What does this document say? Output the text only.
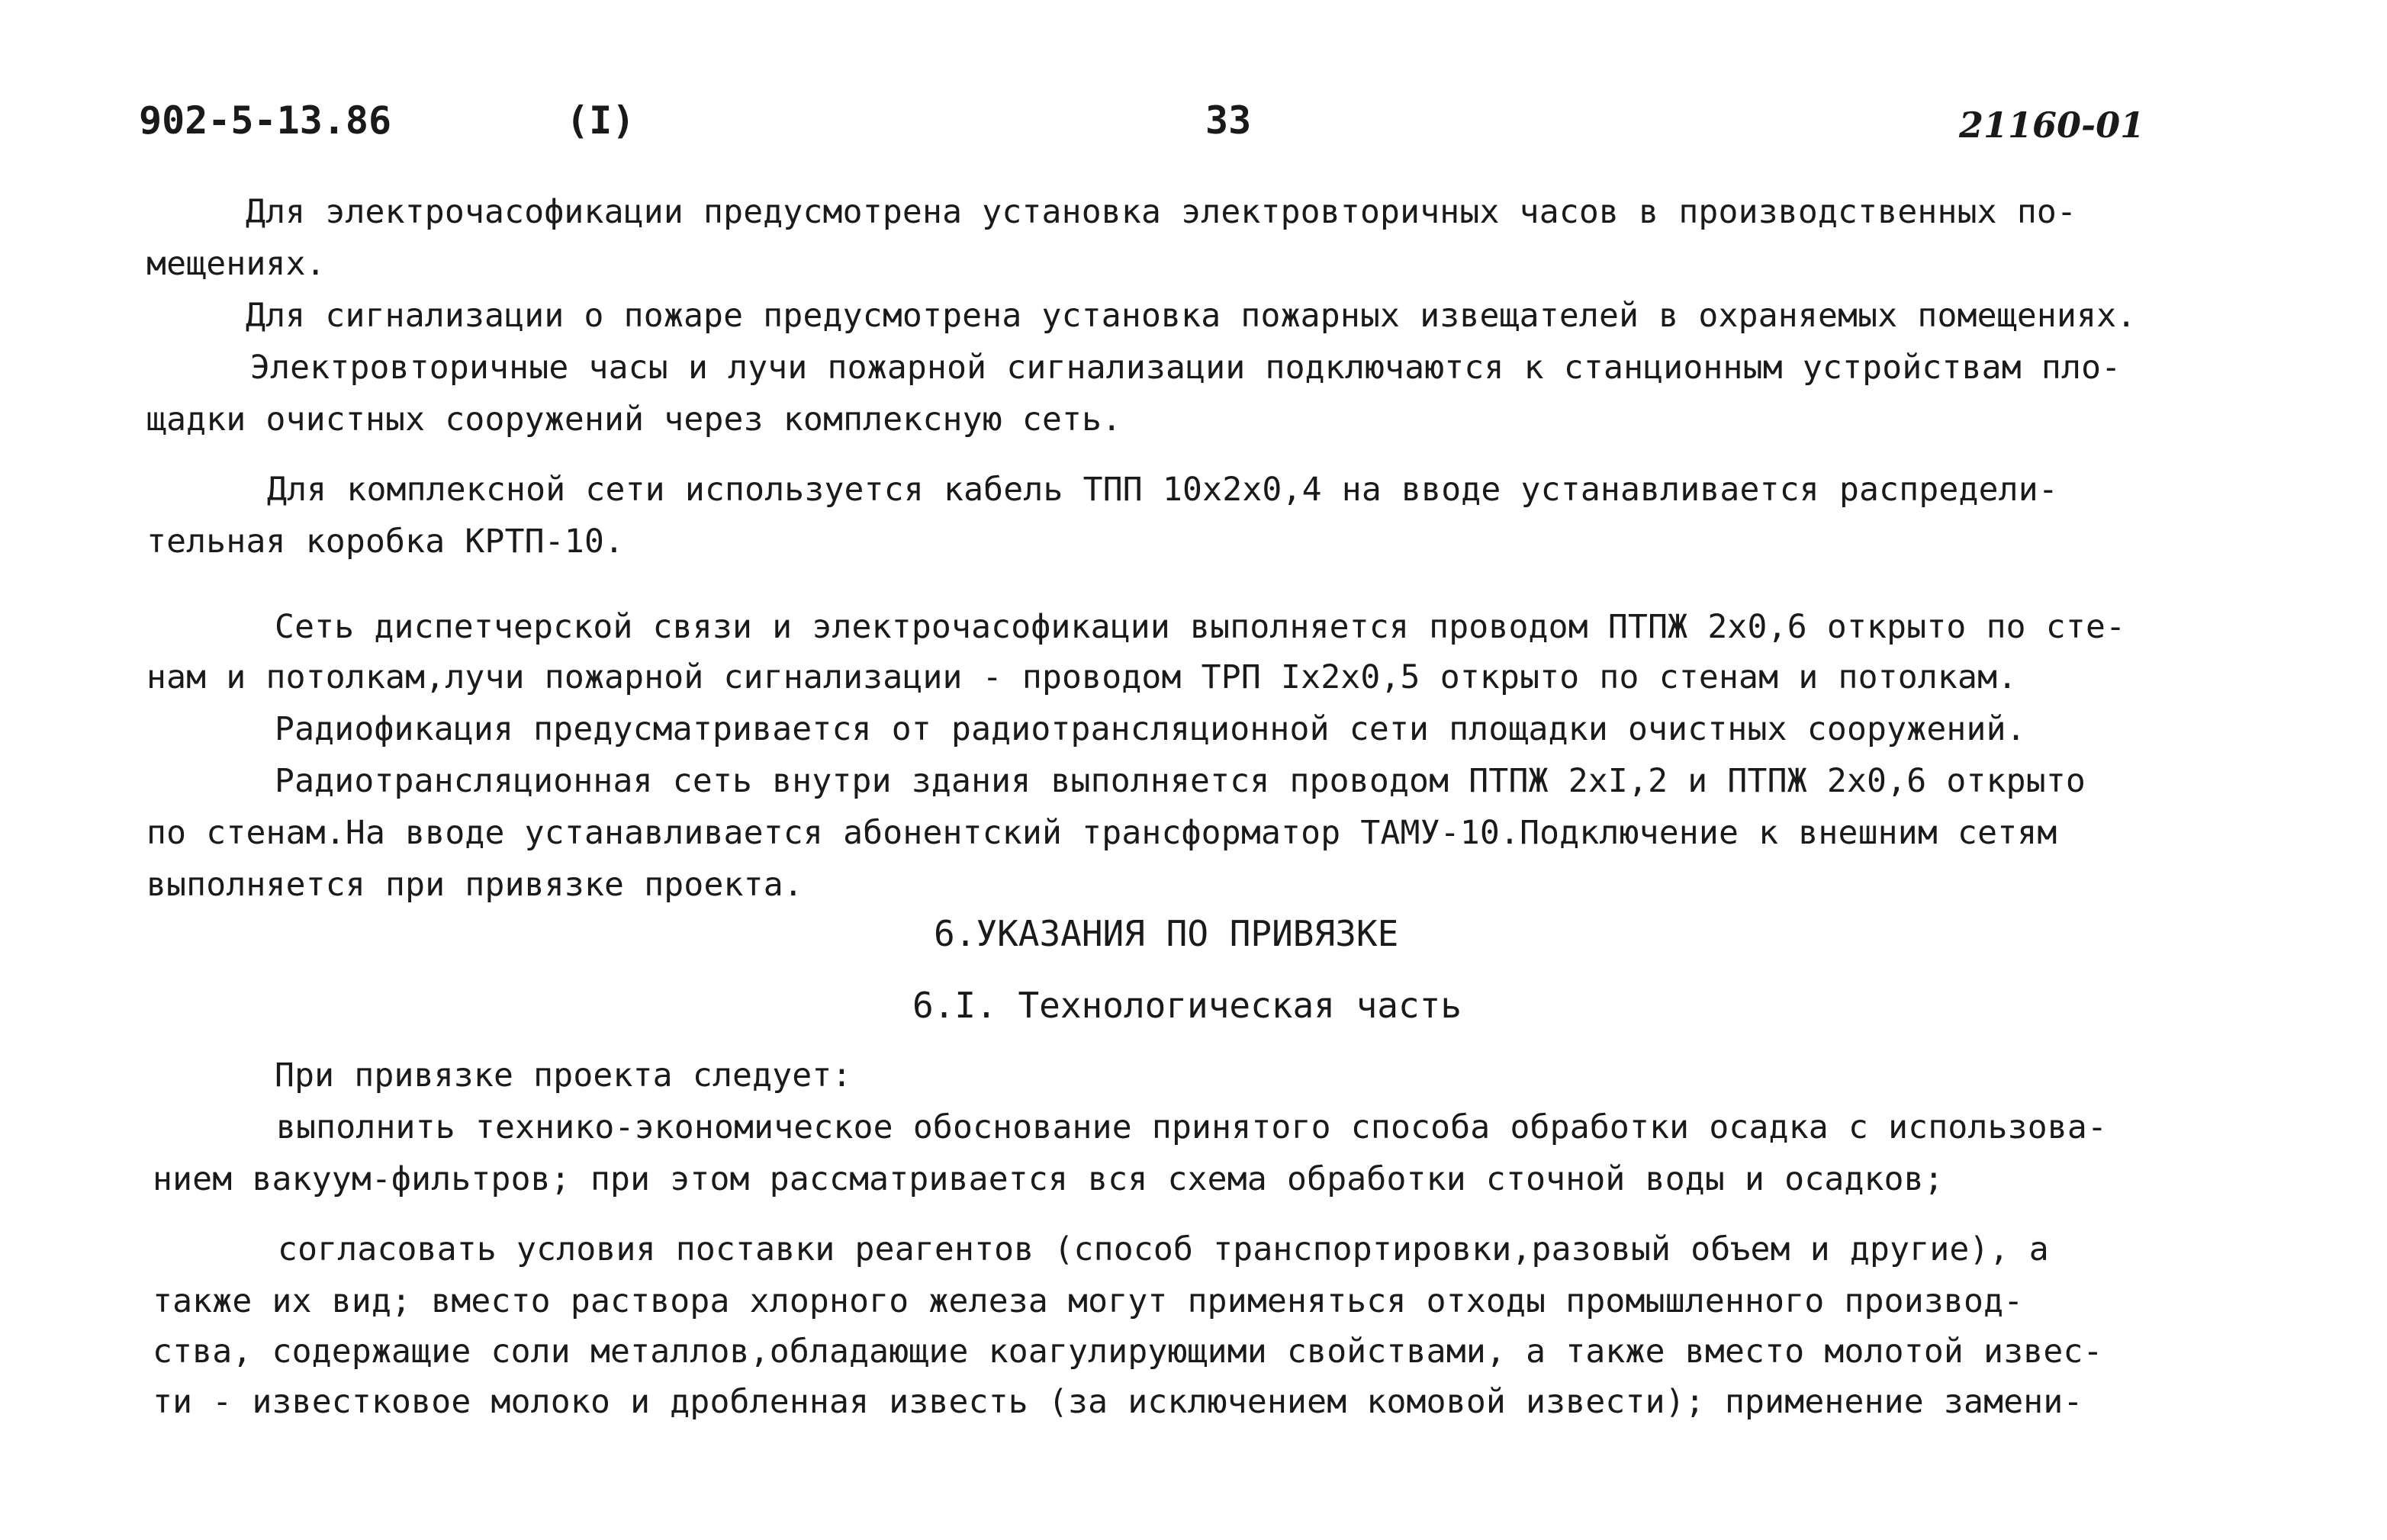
902-5-13.86	(I)	33	21160-01
Для электрочасофикации предусмотрена установка электровторичных часов в производственных по-
мещениях.
Для сигнализации о пожаре предусмотрена установка пожарных извещателей в охраняемых помещениях.
Электровторичные часы и лучи пожарной сигнализации подключаются к станционным устройствам пло-
щадки очистных сооружений через комплексную сеть.
Для комплексной сети используется кабель ТПП 10х2х0,4 на вводе устанавливается распредели-
тельная коробка КРТП-10.
Сеть диспетчерской связи и электрочасофикации выполняется проводом ПТПЖ 2х0,6 открыто по сте-
нам и потолкам,лучи пожарной сигнализации - проводом ТРП Iх2х0,5 открыто по стенам и потолкам.
Радиофикация предусматривается от радиотрансляционной сети площадки очистных сооружений.
Радиотрансляционная сеть внутри здания выполняется проводом ПТПЖ 2хI,2 и ПТПЖ 2х0,6 открыто
по стенам.На вводе устанавливается абонентский трансформатор ТАМУ-10.Подключение к внешним сетям
выполняется при привязке проекта.
6.УКАЗАНИЯ ПО ПРИВЯЗКЕ
6.I. Технологическая часть
При привязке проекта следует:
выполнить технико-экономическое обоснование принятого способа обработки осадка с использова-
нием вакуум-фильтров; при этом рассматривается вся схема обработки сточной воды и осадков;
согласовать условия поставки реагентов (способ транспортировки,разовый объем и другие), а
также их вид; вместо раствора хлорного железа могут применяться отходы промышленного производ-
ства, содержащие соли металлов,обладающие коагулирующими свойствами, а также вместо молотой извес-
ти - известковое молоко и дробленная известь (за исключением комовой извести); применение замени-
